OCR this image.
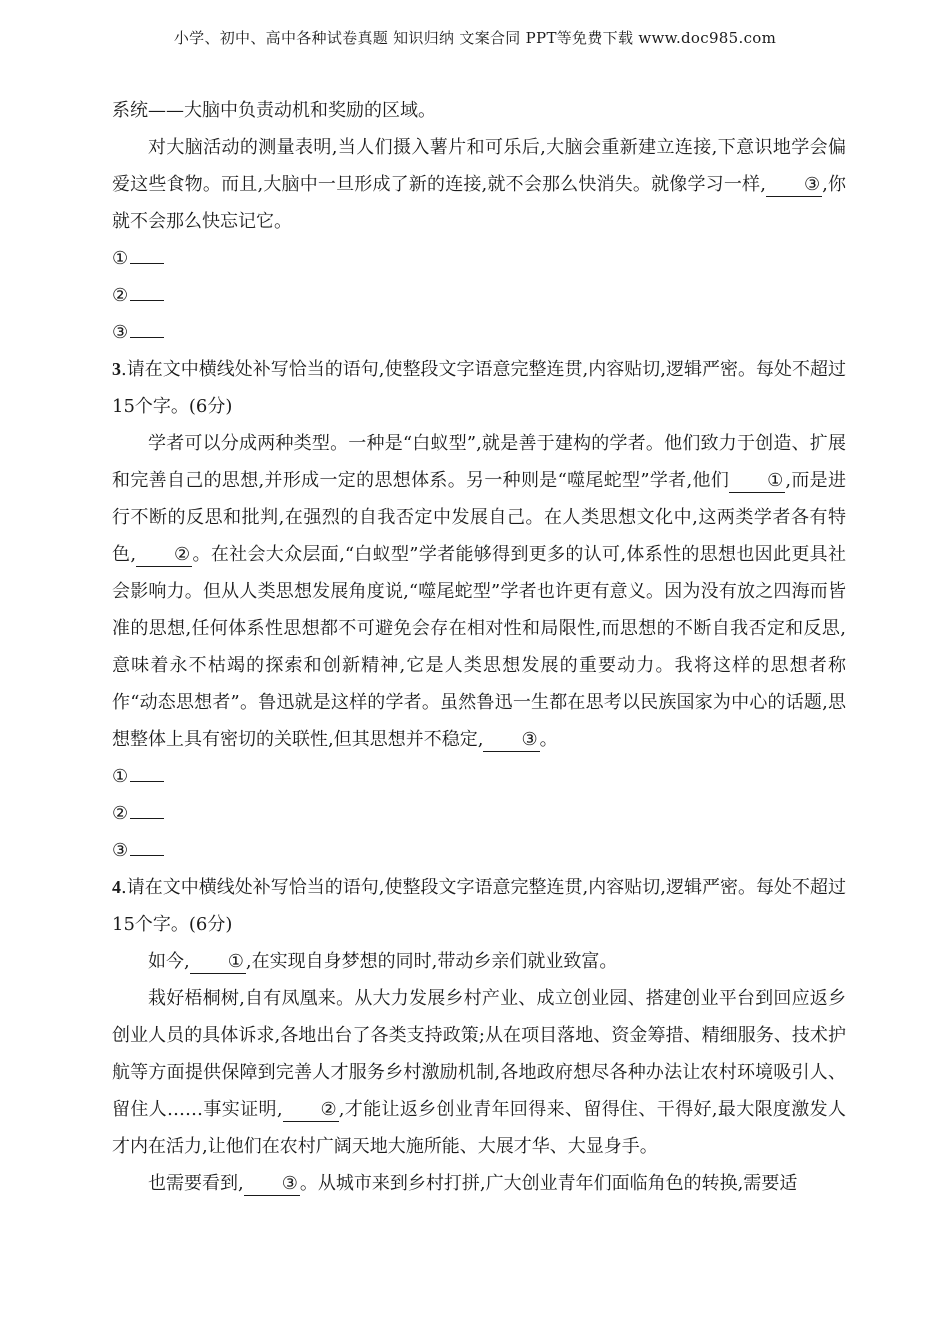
小学、初中、高中各种试卷真题 知识归纳 文案合同 PPT等免费下载 www.doc985.com

系统——大脑中负责动机和奖励的区域。

对大脑活动的测量表明,当人们摄入薯片和可乐后,大脑会重新建立连接,下意识地学会偏爱这些食物。而且,大脑中一旦形成了新的连接,就不会那么快消失。就像学习一样, ③ ,你就不会那么快忘记它。

①

②

③

3.请在文中横线处补写恰当的语句,使整段文字语意完整连贯,内容贴切,逻辑严密。每处不超过15个字。(6分)

学者可以分成两种类型。一种是“白蚁型”,就是善于建构的学者。他们致力于创造、扩展和完善自己的思想,并形成一定的思想体系。另一种则是“噬尾蛇型”学者,他们 ① ,而是进行不断的反思和批判,在强烈的自我否定中发展自己。在人类思想文化中,这两类学者各有特色, ② 。在社会大众层面,“白蚁型”学者能够得到更多的认可,体系性的思想也因此更具社会影响力。但从人类思想发展角度说,“噬尾蛇型”学者也许更有意义。因为没有放之四海而皆准的思想,任何体系性思想都不可避免会存在相对性和局限性,而思想的不断自我否定和反思,意味着永不枯竭的探索和创新精神,它是人类思想发展的重要动力。我将这样的思想者称作“动态思想者”。鲁迅就是这样的学者。虽然鲁迅一生都在思考以民族国家为中心的话题,思想整体上具有密切的关联性,但其思想并不稳定, ③ 。

①

②

③

4.请在文中横线处补写恰当的语句,使整段文字语意完整连贯,内容贴切,逻辑严密。每处不超过15个字。(6分)

如今, ① ,在实现自身梦想的同时,带动乡亲们就业致富。

栽好梧桐树,自有凤凰来。从大力发展乡村产业、成立创业园、搭建创业平台到回应返乡创业人员的具体诉求,各地出台了各类支持政策;从在项目落地、资金筹措、精细服务、技术护航等方面提供保障到完善人才服务乡村激励机制,各地政府想尽各种办法让农村环境吸引人、留住人……事实证明, ② ,才能让返乡创业青年回得来、留得住、干得好,最大限度激发人才内在活力,让他们在农村广阔天地大施所能、大展才华、大显身手。

也需要看到, ③ 。从城市来到乡村打拼,广大创业青年们面临角色的转换,需要适
